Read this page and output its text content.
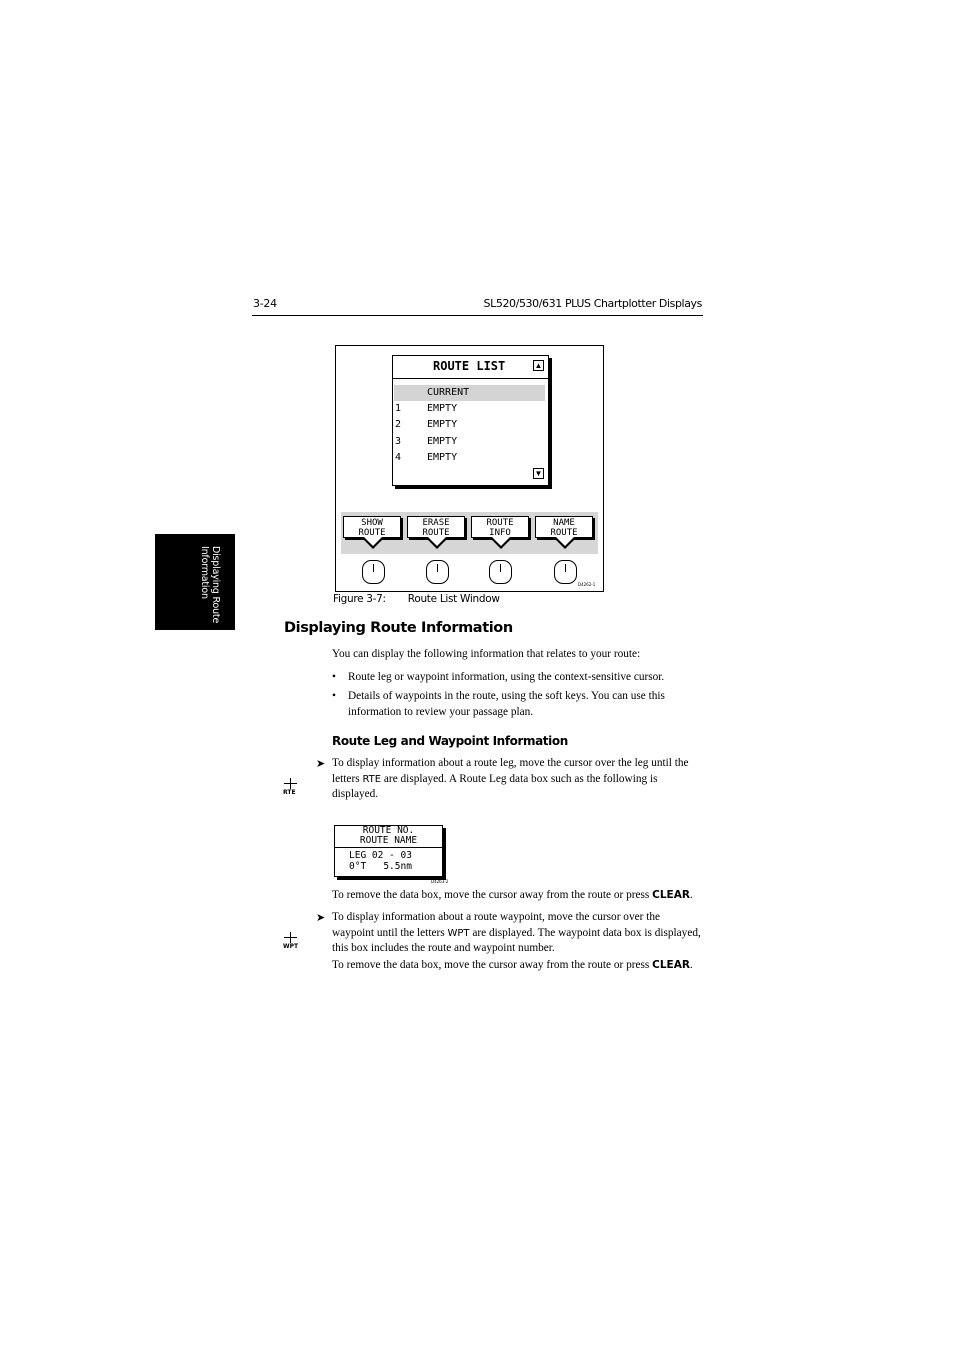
3-24	SL520/530/631 PLUS Chartplotter Displays
Displaying Route
Information
ROUTE LIST	▲
CURRENT
1	EMPTY
2	EMPTY
3	EMPTY
4	EMPTY
▼
SHOW
ROUTE
ERASE
ROUTE
ROUTE
INFO
NAME
ROUTE
D4262-1
Figure 3-7: Route List Window
Displaying Route Information
You can display the following information that relates to your route:
• Route leg or waypoint information, using the context-sensitive cursor.
• Details of waypoints in the route, using the soft keys. You can use this information to review your passage plan.
Route Leg and Waypoint Information
➤ To display information about a route leg, move the cursor over the leg until the letters RTE are displayed. A Route Leg data box such as the following is displayed.
RTE
ROUTE NO.
ROUTE NAME
LEG 02 - 03
0°T   5.5nm
D4263-2
To remove the data box, move the cursor away from the route or press CLEAR.
➤ To display information about a route waypoint, move the cursor over the waypoint until the letters WPT are displayed. The waypoint data box is displayed, this box includes the route and waypoint number.
WPT
To remove the data box, move the cursor away from the route or press CLEAR.
